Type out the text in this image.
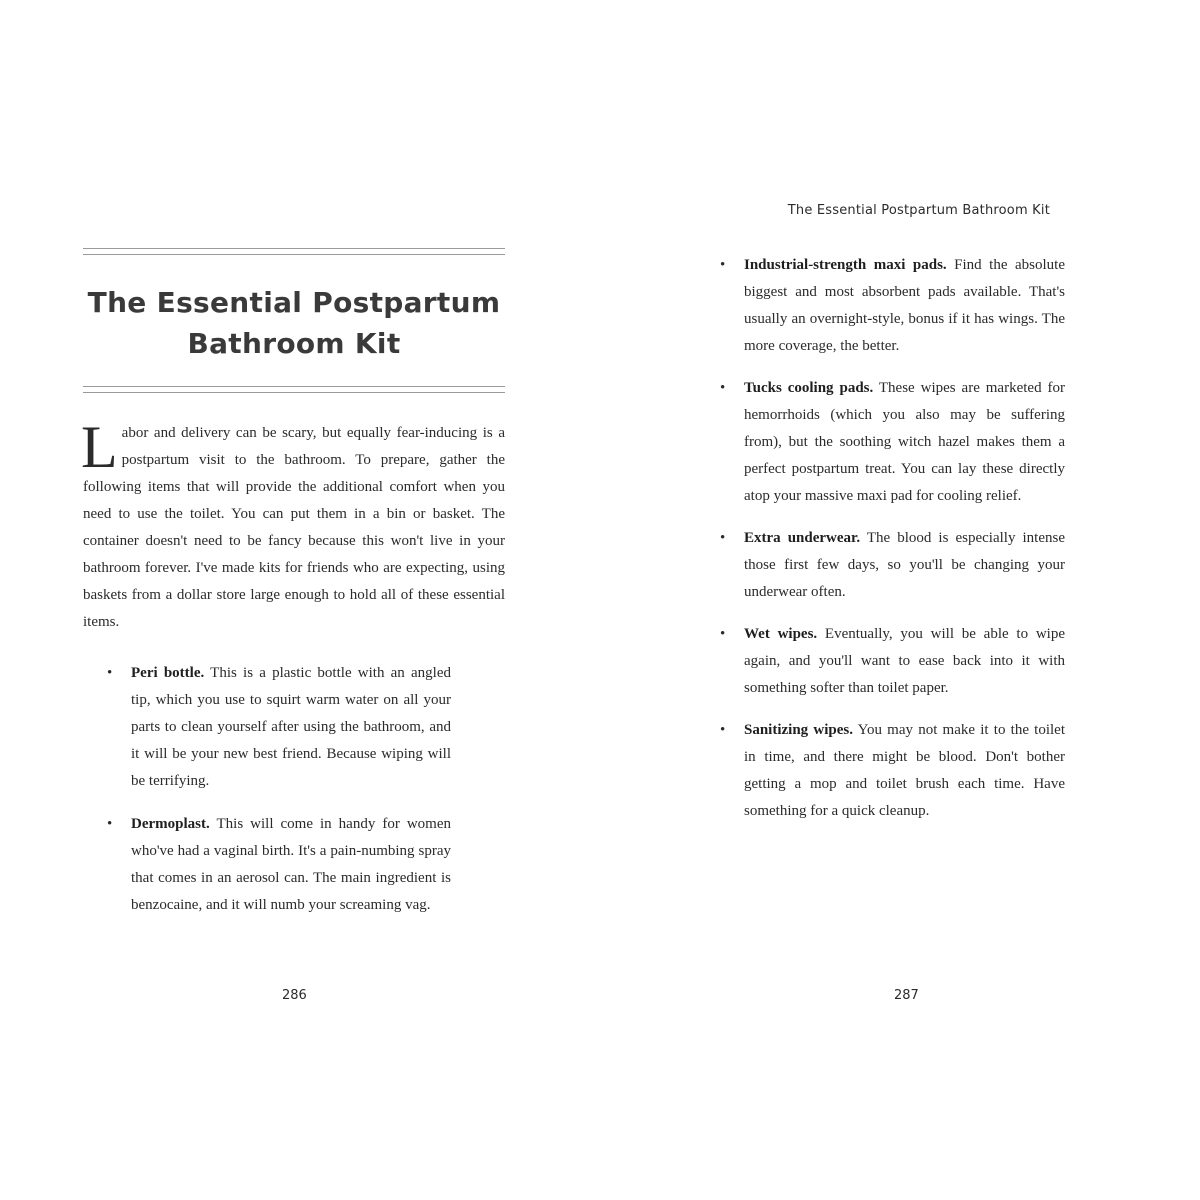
The Essential Postpartum Bathroom Kit

Labor and delivery can be scary, but equally fear-inducing is a postpartum visit to the bathroom. To prepare, gather the following items that will provide the additional comfort when you need to use the toilet. You can put them in a bin or basket. The container doesn't need to be fancy because this won't live in your bathroom forever. I've made kits for friends who are expecting, using baskets from a dollar store large enough to hold all of these essential items.

• Peri bottle. This is a plastic bottle with an angled tip, which you use to squirt warm water on all your parts to clean yourself after using the bathroom, and it will be your new best friend. Because wiping will be terrifying.
• Dermoplast. This will come in handy for women who've had a vaginal birth. It's a pain-numbing spray that comes in an aerosol can. The main ingredient is benzocaine, and it will numb your screaming vag.
286
The Essential Postpartum Bathroom Kit
• Industrial-strength maxi pads. Find the absolute biggest and most absorbent pads available. That's usually an overnight-style, bonus if it has wings. The more coverage, the better.
• Tucks cooling pads. These wipes are marketed for hemorrhoids (which you also may be suffering from), but the soothing witch hazel makes them a perfect postpartum treat. You can lay these directly atop your massive maxi pad for cooling relief.
• Extra underwear. The blood is especially intense those first few days, so you'll be changing your underwear often.
• Wet wipes. Eventually, you will be able to wipe again, and you'll want to ease back into it with something softer than toilet paper.
• Sanitizing wipes. You may not make it to the toilet in time, and there might be blood. Don't bother getting a mop and toilet brush each time. Have something for a quick cleanup.
287
